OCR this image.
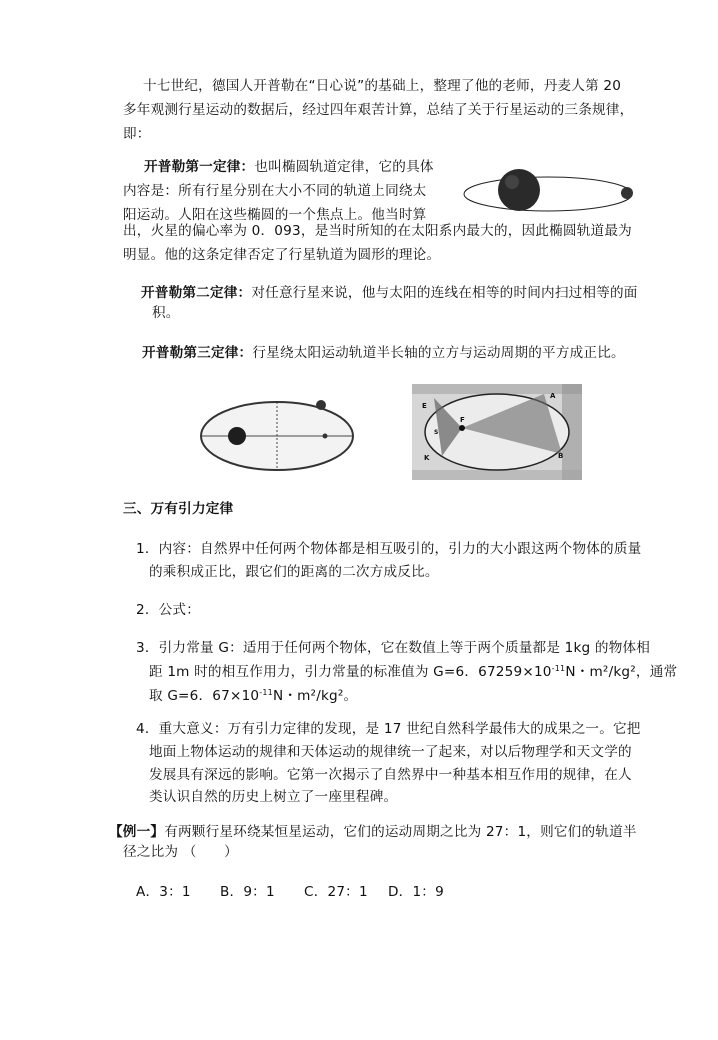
十七世纪，德国人开普勒在“日心说”的基础上，整理了他的老师，丹麦人第 20
多年观测行星运动的数据后，经过四年艰苦计算，总结了关于行星运动的三条规律，
即：
开普勒第一定律：也叫椭圆轨道定律，它的具体
内容是：所有行星分别在大小不同的轨道上同绕太
阳运动。人阳在这些椭圆的一个焦点上。他当时算
出，火星的偏心率为 0．093，是当时所知的在太阳系内最大的，因此椭圆轨道最为
明显。他的这条定律否定了行星轨道为圆形的理论。
开普勒第二定律：对任意行星来说，他与太阳的连线在相等的时间内扫过相等的面
积。
开普勒第三定律：行星绕太阳运动轨道半长轴的立方与运动周期的平方成正比。
E
F
S
K	B
A
三、万有引力定律
1．内容：自然界中任何两个物体都是相互吸引的，引力的大小跟这两个物体的质量
的乘积成正比，跟它们的距离的二次方成反比。
2．公式：
3．引力常量 G：适用于任何两个物体，它在数值上等于两个质量都是 1kg 的物体相
距 1m 时的相互作用力，引力常量的标准值为 G=6．$67259\times 10^{-11}N$・m²/kg²，通常
取 G=6．$67\times 10^{-11}N$・m²/kg²。
4．重大意义：万有引力定律的发现，是 17 世纪自然科学最伟大的成果之一。它把
地面上物体运动的规律和天体运动的规律统一了起来，对以后物理学和天文学的
发展具有深远的影响。它第一次揭示了自然界中一种基本相互作用的规律，在人
类认识自然的历史上树立了一座里程碑。
【例一】有两颗行星环绕某恒星运动，它们的运动周期之比为 27：1，则它们的轨道半
径之比为 （　　）
A．3：1 B．9：1 C．27：1 D．1：9
